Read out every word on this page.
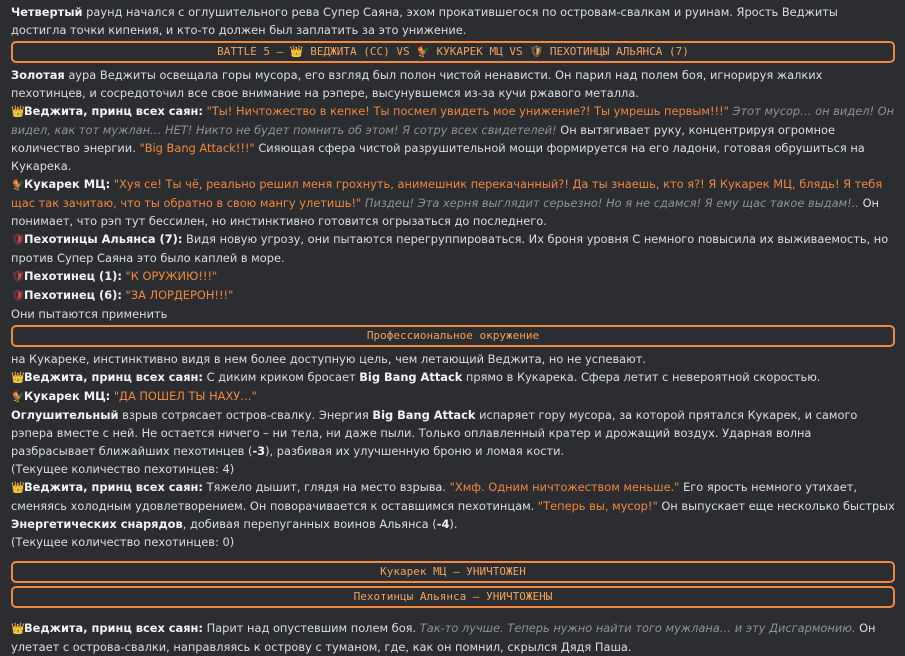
Четвертый раунд начался с оглушительного рева Супер Саяна, эхом прокатившегося по островам-свалкам и руинам. Ярость Веджиты достигла точки кипения, и кто-то должен был заплатить за это унижение.
BATTLE 5 – 👑 ВЕДЖИТА (СС) VS 🐓 КУКАРЕК МЦ VS 🛡 ПЕХОТИНЦЫ АЛЬЯНСА (7)
Золотая аура Веджиты освещала горы мусора, его взгляд был полон чистой ненависти. Он парил над полем боя, игнорируя жалких пехотинцев, и сосредоточил все свое внимание на рэпере, высунувшемся из-за кучи ржавого металла.
👑Веджита, принц всех саян: "Ты! Ничтожество в кепке! Ты посмел увидеть мое унижение?! Ты умрешь первым!!!" Этот мусор… он видел! Он видел, как тот мужлан… НЕТ! Никто не будет помнить об этом! Я сотру всех свидетелей! Он вытягивает руку, концентрируя огромное количество энергии. "Big Bang Attack!!!" Сияющая сфера чистой разрушительной мощи формируется на его ладони, готовая обрушиться на Кукарека.
🐓Кукарек МЦ: "Хуя се! Ты чё, реально решил меня грохнуть, анимешник перекачанный?! Да ты знаешь, кто я?! Я Кукарек МЦ, блядь! Я тебя щас так зачитаю, что ты обратно в свою мангу улетишь!" Пиздец! Эта херня выглядит серьезно! Но я не сдамся! Я ему щас такое выдам!.. Он понимает, что рэп тут бессилен, но инстинктивно готовится огрызаться до последнего.
🛡Пехотинцы Альянса (7): Видя новую угрозу, они пытаются перегруппироваться. Их броня уровня C немного повысила их выживаемость, но против Супер Саяна это было каплей в море.
🛡Пехотинец (1): "К ОРУЖИЮ!!!"
🛡Пехотинец (6): "ЗА ЛОРДЕРОН!!!"
Они пытаются применить
Профессиональное окружение
на Кукареке, инстинктивно видя в нем более доступную цель, чем летающий Веджита, но не успевают.
👑Веджита, принц всех саян: С диким криком бросает Big Bang Attack прямо в Кукарека. Сфера летит с невероятной скоростью.
🐓Кукарек МЦ: "ДА ПОШЕЛ ТЫ НАХУ…"
Оглушительный взрыв сотрясает остров-свалку. Энергия Big Bang Attack испаряет гору мусора, за которой прятался Кукарек, и самого рэпера вместе с ней. Не остается ничего – ни тела, ни даже пыли. Только оплавленный кратер и дрожащий воздух. Ударная волна разбрасывает ближайших пехотинцев (-3), разбивая их улучшенную броню и ломая кости.
(Текущее количество пехотинцев: 4)
👑Веджита, принц всех саян: Тяжело дышит, глядя на место взрыва. "Хмф. Одним ничтожеством меньше." Его ярость немного утихает, сменяясь холодным удовлетворением. Он поворачивается к оставшимся пехотинцам. "Теперь вы, мусор!" Он выпускает еще несколько быстрых Энергетических снарядов, добивая перепуганных воинов Альянса (-4).
(Текущее количество пехотинцев: 0)
Кукарек МЦ – УНИЧТОЖЕН
Пехотинцы Альянса – УНИЧТОЖЕНЫ
👑Веджита, принц всех саян: Парит над опустевшим полем боя. Так-то лучше. Теперь нужно найти того мужлана… и эту Дисгармонию. Он улетает с острова-свалки, направляясь к острову с туманом, где, как он помнил, скрылся Дядя Паша.
